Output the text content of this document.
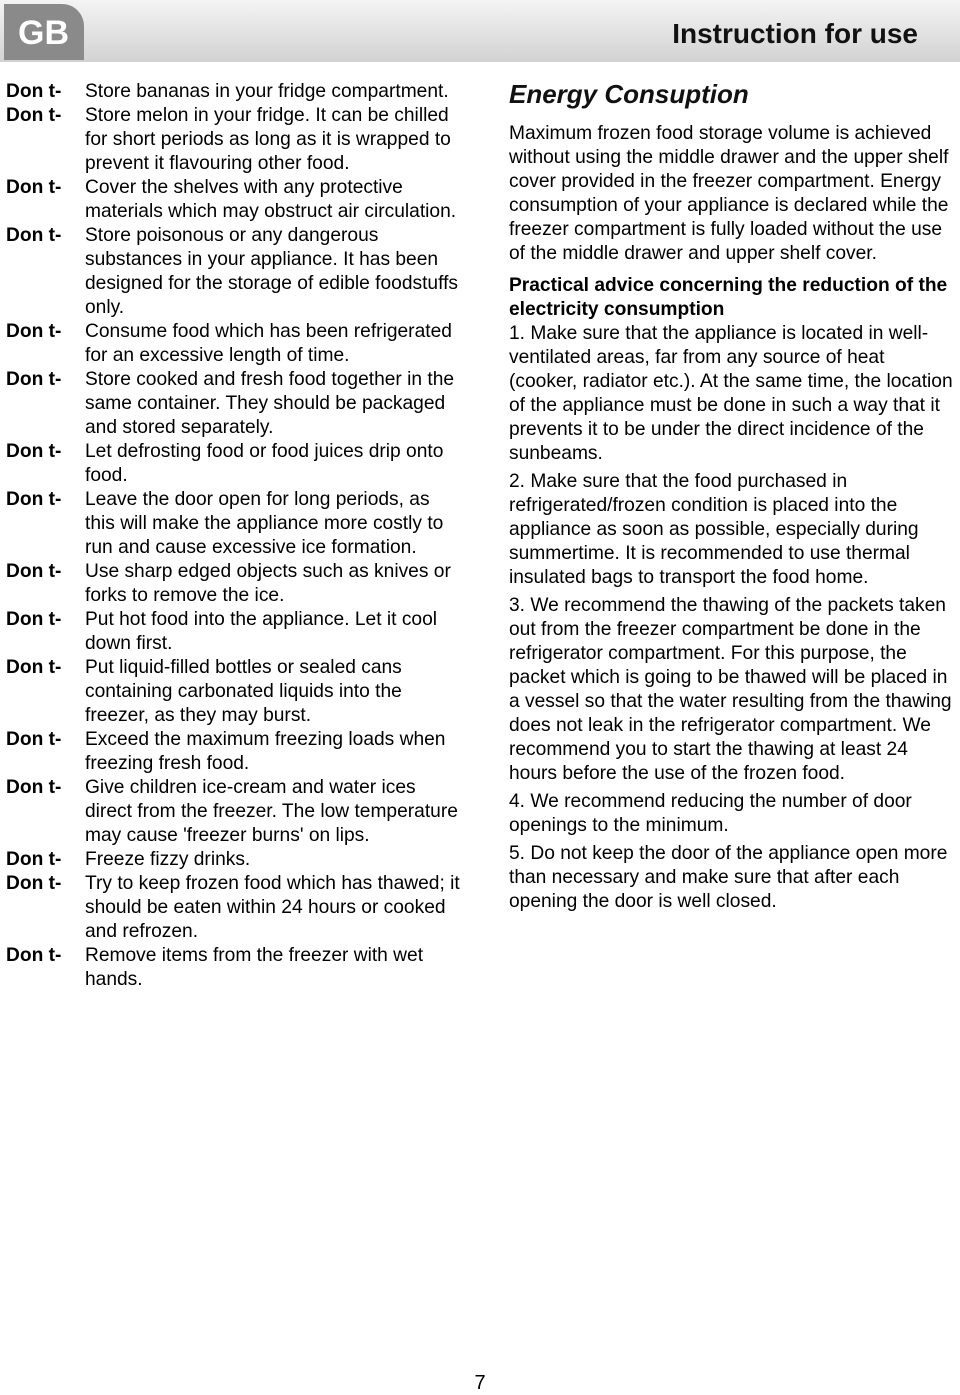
GB	Instruction for use
Don t-	Store bananas in your fridge compartment.
Don t-	Store melon in your fridge. It can be chilled for short periods as long as it is wrapped to prevent it flavouring other food.
Don t-	Cover the shelves with any protective materials which may obstruct air circulation.
Don t-	Store poisonous or any dangerous substances in your appliance. It has been designed for the storage of edible foodstuffs only.
Don t-	Consume food which has been refrigerated for an excessive length of time.
Don t-	Store cooked and fresh food together in the same container. They should be packaged and stored separately.
Don t-	Let defrosting food or food juices drip onto food.
Don t-	Leave the door open for long periods, as this will make the appliance more costly to run and cause excessive ice formation.
Don t-	Use sharp edged objects such as knives or forks to remove the ice.
Don t-	Put hot food into the appliance. Let it cool down first.
Don t-	Put liquid-filled bottles or sealed cans containing carbonated liquids into the freezer, as they may burst.
Don t-	Exceed the maximum freezing loads when freezing fresh food.
Don t-	Give children ice-cream and water ices direct from the freezer. The low temperature may cause 'freezer burns' on lips.
Don t-	Freeze fizzy drinks.
Don t-	Try to keep frozen food which has thawed; it should be eaten within 24 hours or cooked and refrozen.
Don t-	Remove items from the freezer with wet hands.
Energy Consuption

Maximum frozen food storage volume is achieved without using the middle drawer and the upper shelf cover provided in the freezer compartment. Energy consumption of your appliance is declared while the freezer compartment is fully loaded without the use of the middle drawer and upper shelf cover.

Practical advice concerning the reduction of the electricity consumption

1. Make sure that the appliance is located in well-ventilated areas, far from any source of heat (cooker, radiator etc.). At the same time, the location of the appliance must be done in such a way that it prevents it to be under the direct incidence of the sunbeams.

2. Make sure that the food purchased in refrigerated/frozen condition is placed into the appliance as soon as possible, especially during summertime. It is recommended to use thermal insulated bags to transport the food home.

3. We recommend the thawing of the packets taken out from the freezer compartment be done in the refrigerator compartment. For this purpose, the packet which is going to be thawed will be placed in a vessel so that the water resulting from the thawing does not leak in the refrigerator compartment. We recommend you to start the thawing at least 24 hours before the use of the frozen food.

4. We recommend reducing the number of door openings to the minimum.

5. Do not keep the door of the appliance open more than necessary and make sure that after each opening the door is well closed.

7
